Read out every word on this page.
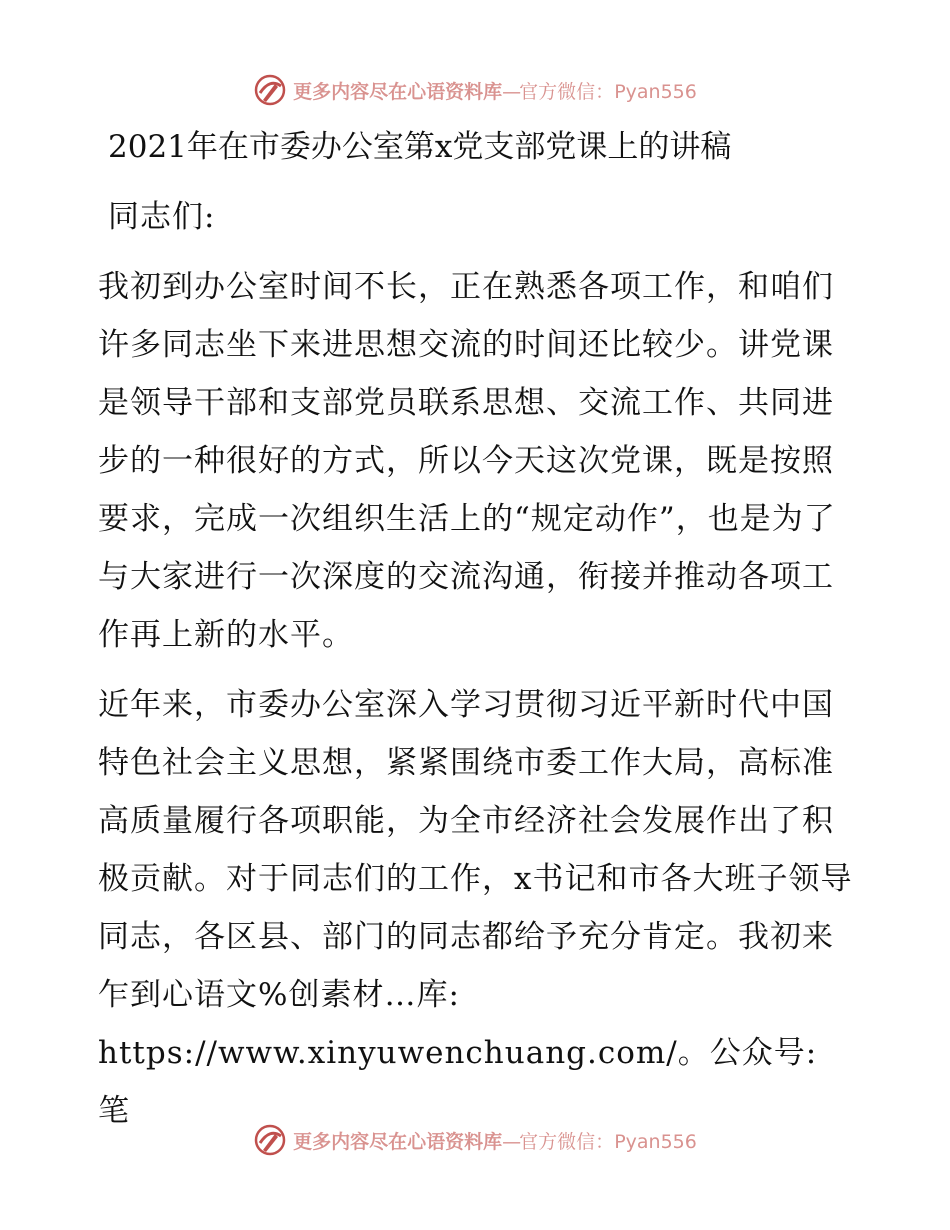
更多内容尽在心语资料库—官方微信：Pyan556
2021年在市委办公室第x党支部党课上的讲稿

同志们:

我初到办公室时间不长，正在熟悉各项工作，和咱们许多同志坐下来进思想交流的时间还比较少。讲党课是领导干部和支部党员联系思想、交流工作、共同进步的一种很好的方式，所以今天这次党课，既是按照要求，完成一次组织生活上的“规定动作”，也是为了与大家进行一次深度的交流沟通，衔接并推动各项工作再上新的水平。

近年来，市委办公室深入学习贯彻习近平新时代中国特色社会主义思想，紧紧围绕市委工作大局，高标准高质量履行各项职能，为全市经济社会发展作出了积极贡献。对于同志们的工作，x书记和市各大班子领导同志，各区县、部门的同志都给予充分肯定。我初来乍到心语文%创素材…库: https://www.xinyuwenchuang.com/。公众号: 笔

更多内容尽在心语资料库—官方微信：Pyan556
